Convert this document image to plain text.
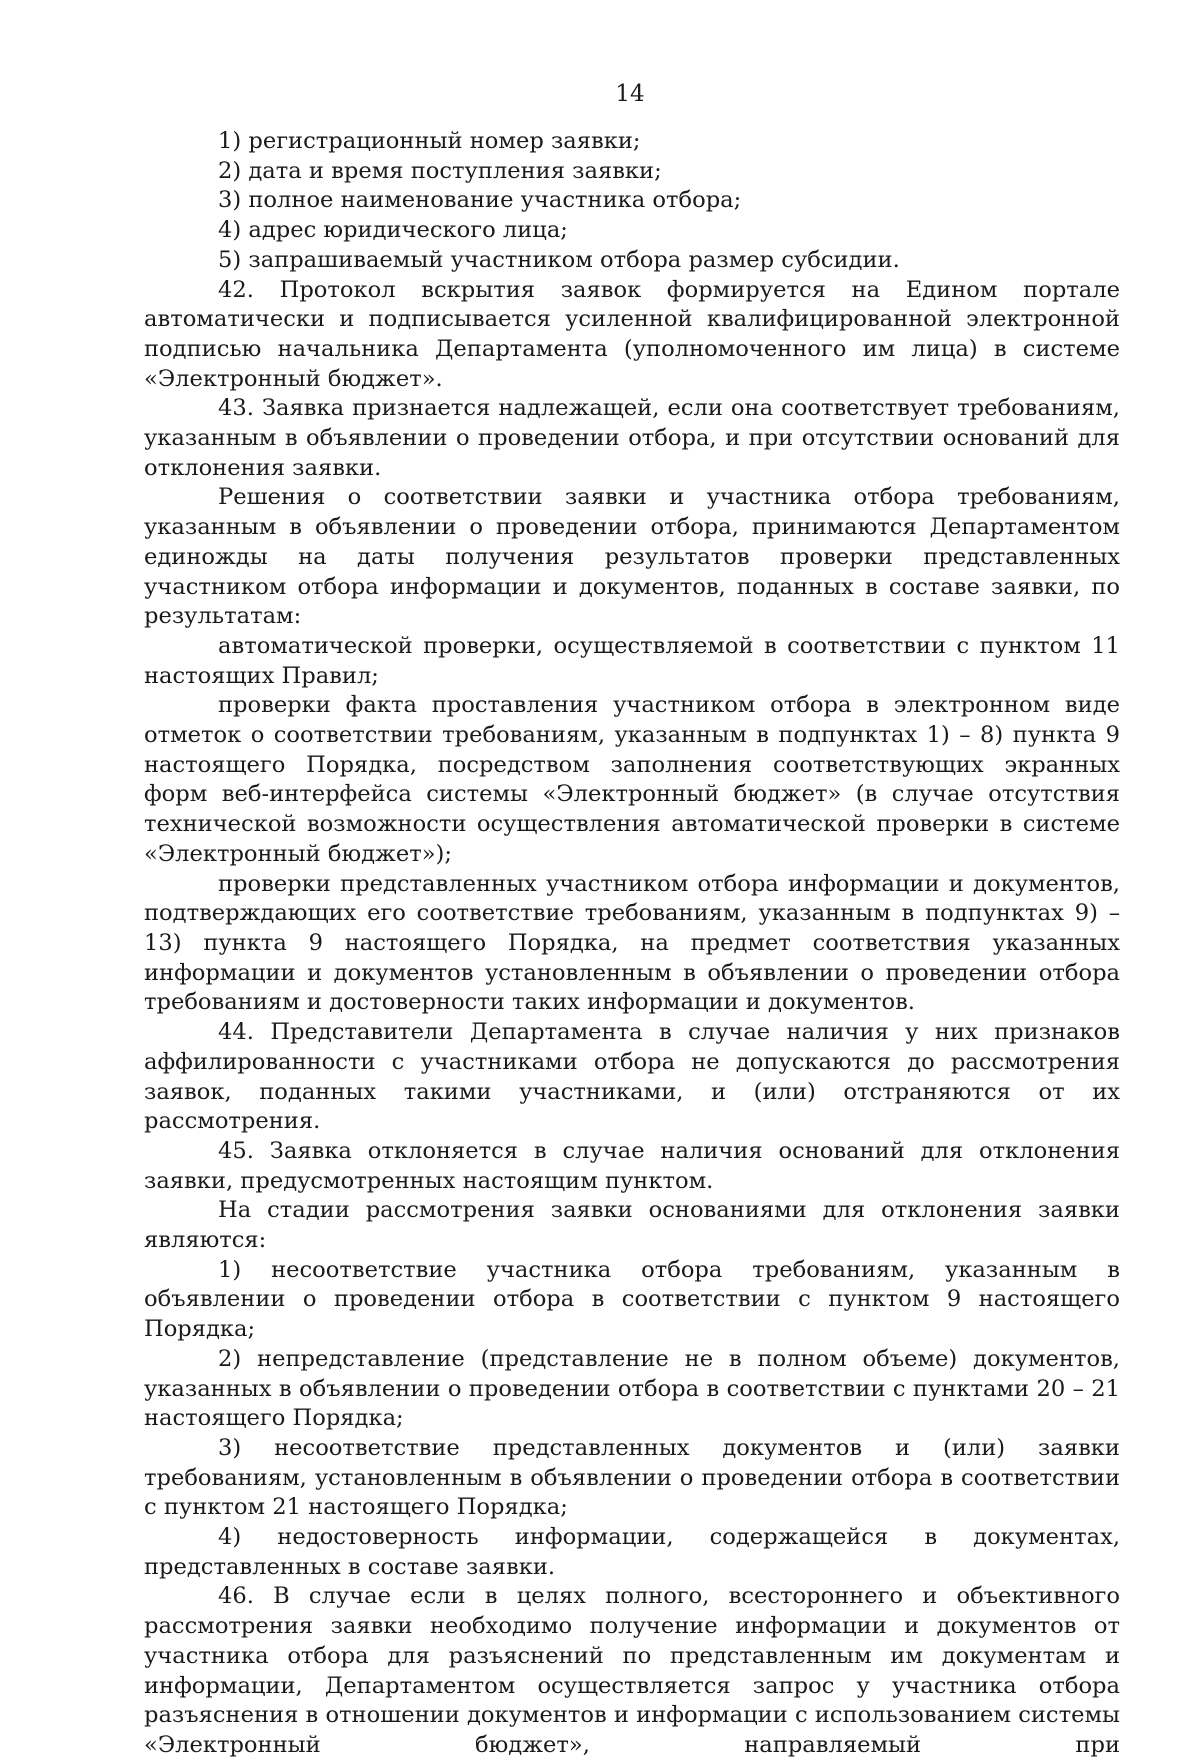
14

1) регистрационный номер заявки;

2) дата и время поступления заявки;

3) полное наименование участника отбора;

4) адрес юридического лица;

5) запрашиваемый участником отбора размер субсидии.

42. Протокол вскрытия заявок формируется на Едином портале автоматически и подписывается усиленной квалифицированной электронной подписью начальника Департамента (уполномоченного им лица) в системе «Электронный бюджет».

43. Заявка признается надлежащей, если она соответствует требованиям, указанным в объявлении о проведении отбора, и при отсутствии оснований для отклонения заявки.

Решения о соответствии заявки и участника отбора требованиям, указанным в объявлении о проведении отбора, принимаются Департаментом единожды на даты получения результатов проверки представленных участником отбора информации и документов, поданных в составе заявки, по результатам:

автоматической проверки, осуществляемой в соответствии с пунктом 11 настоящих Правил;

проверки факта проставления участником отбора в электронном виде отметок о соответствии требованиям, указанным в подпунктах 1) – 8) пункта 9 настоящего Порядка, посредством заполнения соответствующих экранных форм веб-интерфейса системы «Электронный бюджет» (в случае отсутствия технической возможности осуществления автоматической проверки в системе «Электронный бюджет»);

проверки представленных участником отбора информации и документов, подтверждающих его соответствие требованиям, указанным в подпунктах 9) – 13) пункта 9 настоящего Порядка, на предмет соответствия указанных информации и документов установленным в объявлении о проведении отбора требованиям и достоверности таких информации и документов.

44. Представители Департамента в случае наличия у них признаков аффилированности с участниками отбора не допускаются до рассмотрения заявок, поданных такими участниками, и (или) отстраняются от их рассмотрения.

45. Заявка отклоняется в случае наличия оснований для отклонения заявки, предусмотренных настоящим пунктом.

На стадии рассмотрения заявки основаниями для отклонения заявки являются:

1) несоответствие участника отбора требованиям, указанным в объявлении о проведении отбора в соответствии с пунктом 9 настоящего Порядка;

2) непредставление (представление не в полном объеме) документов, указанных в объявлении о проведении отбора в соответствии с пунктами 20 – 21 настоящего Порядка;

3) несоответствие представленных документов и (или) заявки требованиям, установленным в объявлении о проведении отбора в соответствии с пунктом 21 настоящего Порядка;

4) недостоверность информации, содержащейся в документах, представленных в составе заявки.

46. В случае если в целях полного, всестороннего и объективного рассмотрения заявки необходимо получение информации и документов от участника отбора для разъяснений по представленным им документам и информации, Департаментом осуществляется запрос у участника отбора разъяснения в отношении документов и информации с использованием системы «Электронный бюджет», направляемый при
